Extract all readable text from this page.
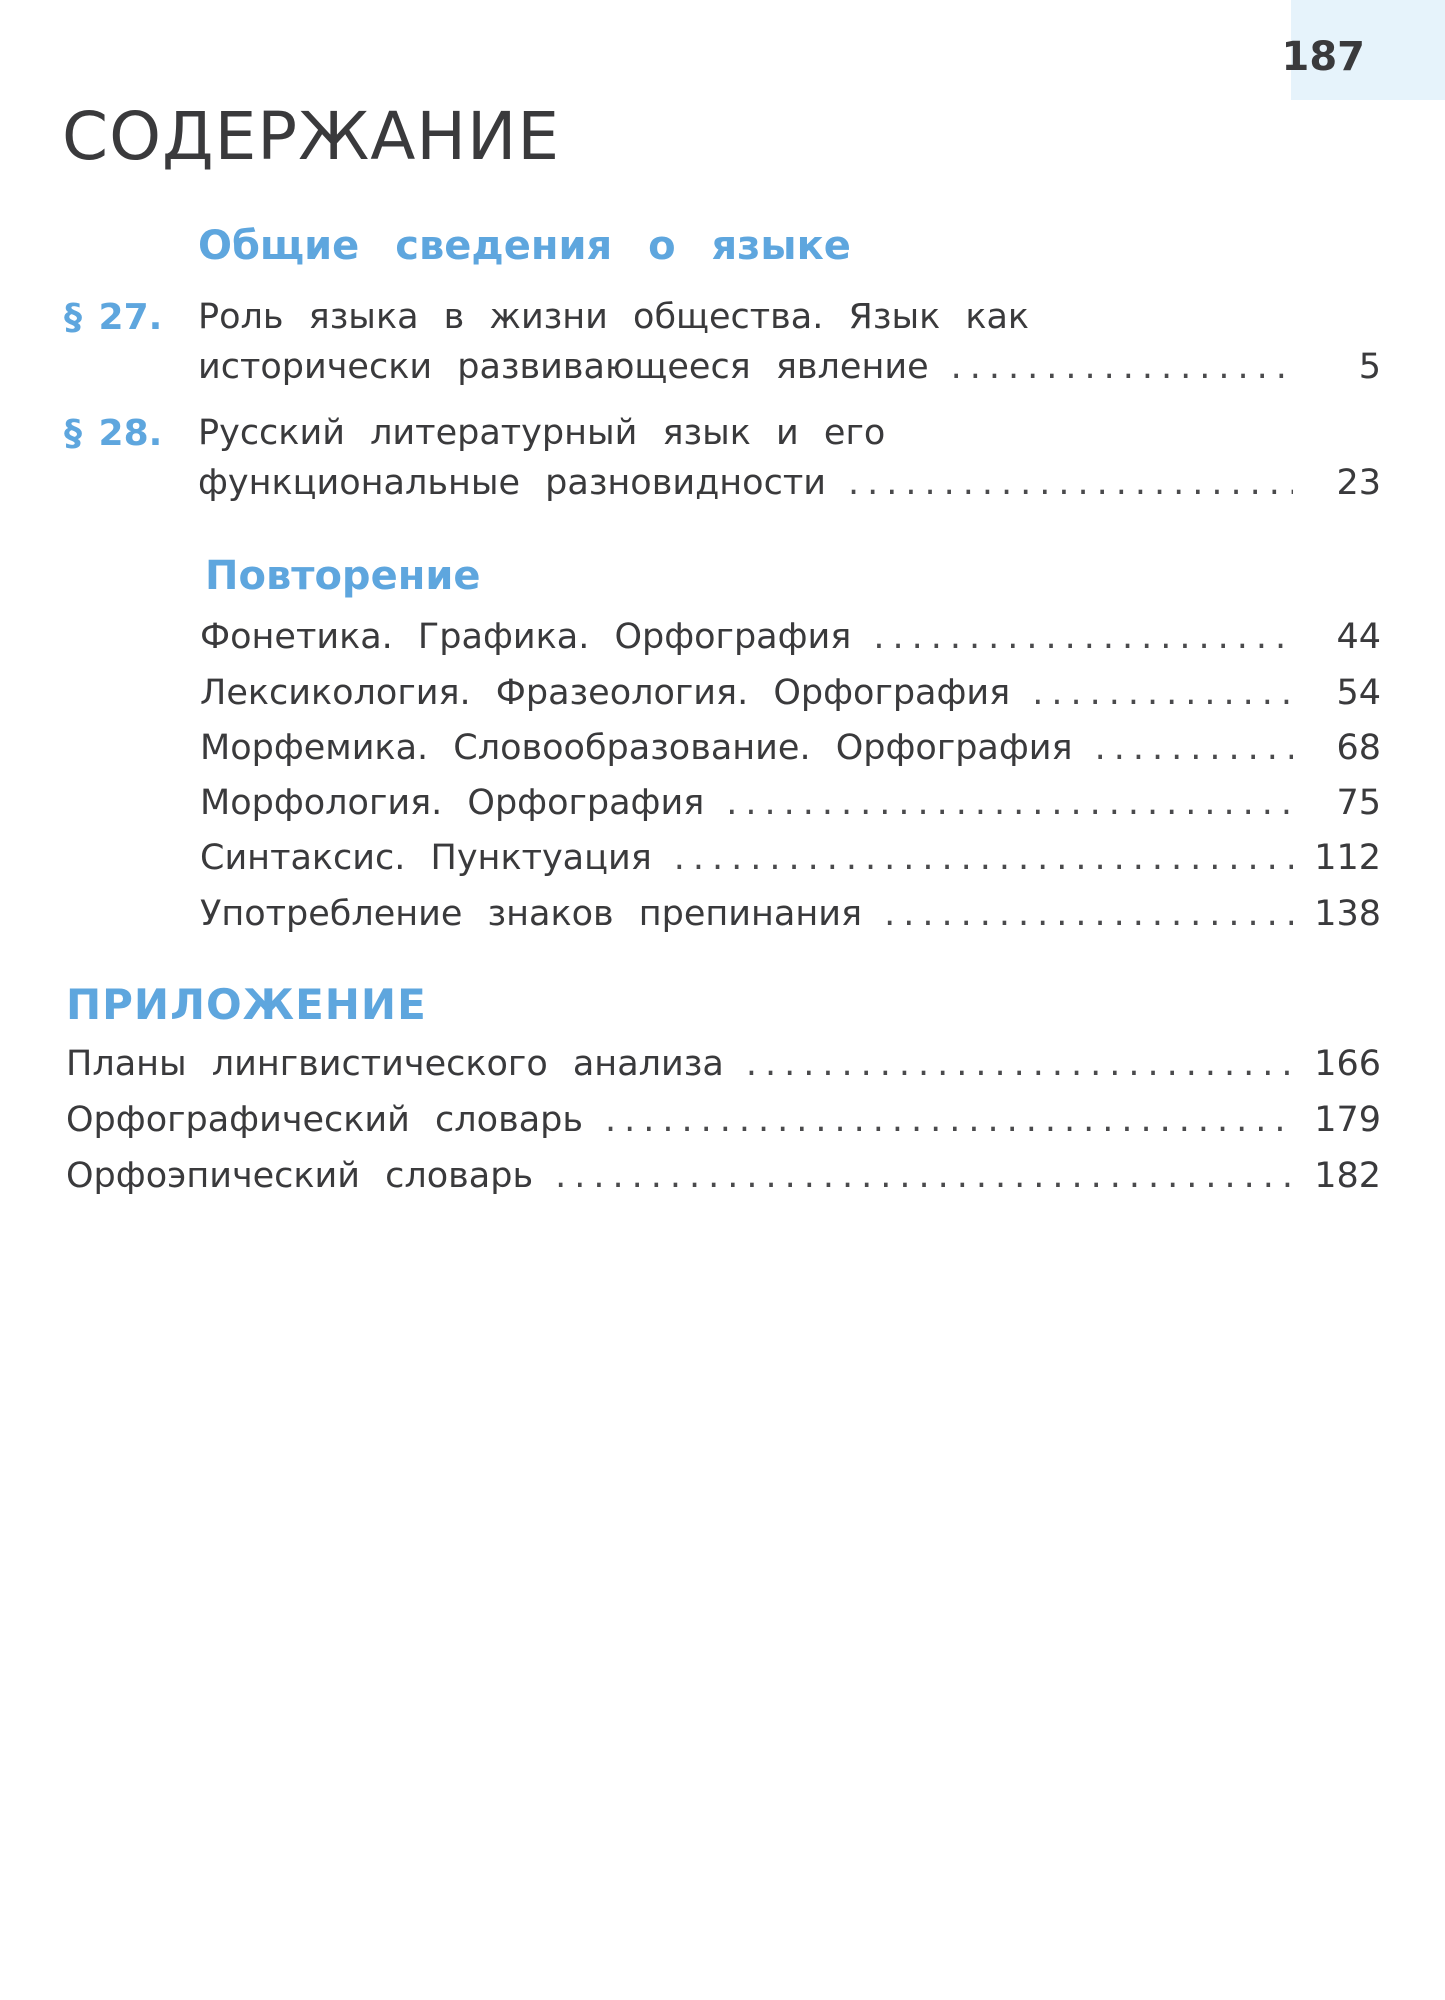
187
СОДЕРЖАНИЕ
Общие сведения о языке
§ 27. Роль языка в жизни общества. Язык как
исторически развивающееся явление .....	5
§ 28. Русский литературный язык и его
функциональные разновидности .....	23
Повторение
Фонетика. Графика. Орфография .....	44
Лексикология. Фразеология. Орфография .....	54
Морфемика. Словообразование. Орфография .....	68
Морфология. Орфография .....	75
Синтаксис. Пунктуация .....	112
Употребление знаков препинания .....	138
ПРИЛОЖЕНИЕ
Планы лингвистического анализа .....	166
Орфографический словарь .....	179
Орфоэпический словарь .....	182
